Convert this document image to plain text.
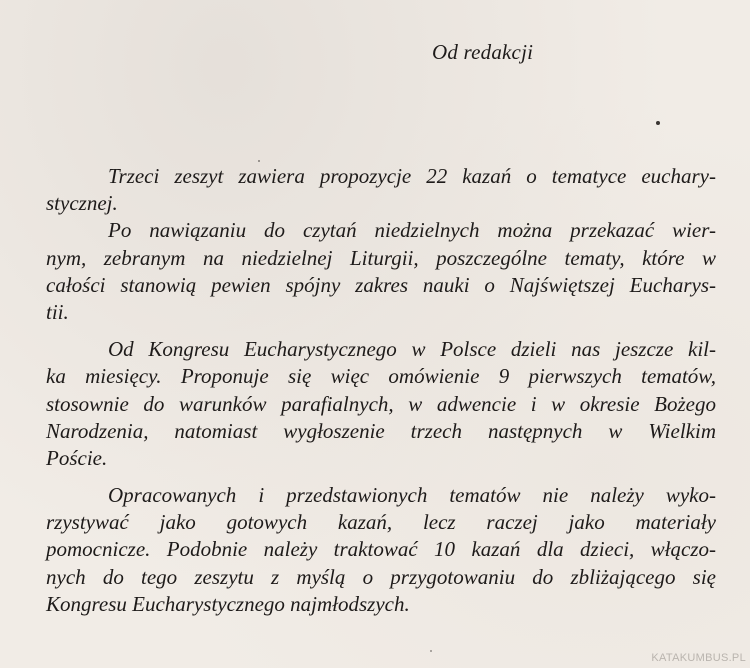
Od redakcji
Trzeci zeszyt zawiera propozycje 22 kazań o tematyce euchary-
stycznej.
Po nawiązaniu do czytań niedzielnych można przekazać wier-
nym, zebranym na niedzielnej Liturgii, poszczególne tematy, które w
całości stanowią pewien spójny zakres nauki o Najświętszej Eucharys-
tii.
Od Kongresu Eucharystycznego w Polsce dzieli nas jeszcze kil-
ka miesięcy. Proponuje się więc omówienie 9 pierwszych tematów,
stosownie do warunków parafialnych, w adwencie i w okresie Bożego
Narodzenia, natomiast wygłoszenie trzech następnych w Wielkim
Poście.
Opracowanych i przedstawionych tematów nie należy wyko-
rzystywać jako gotowych kazań, lecz raczej jako materiały
pomocnicze. Podobnie należy traktować 10 kazań dla dzieci, włączo-
nych do tego zeszytu z myślą o przygotowaniu do zbliżającego się
Kongresu Eucharystycznego najmłodszych.
KATAKUMBUS.PL
